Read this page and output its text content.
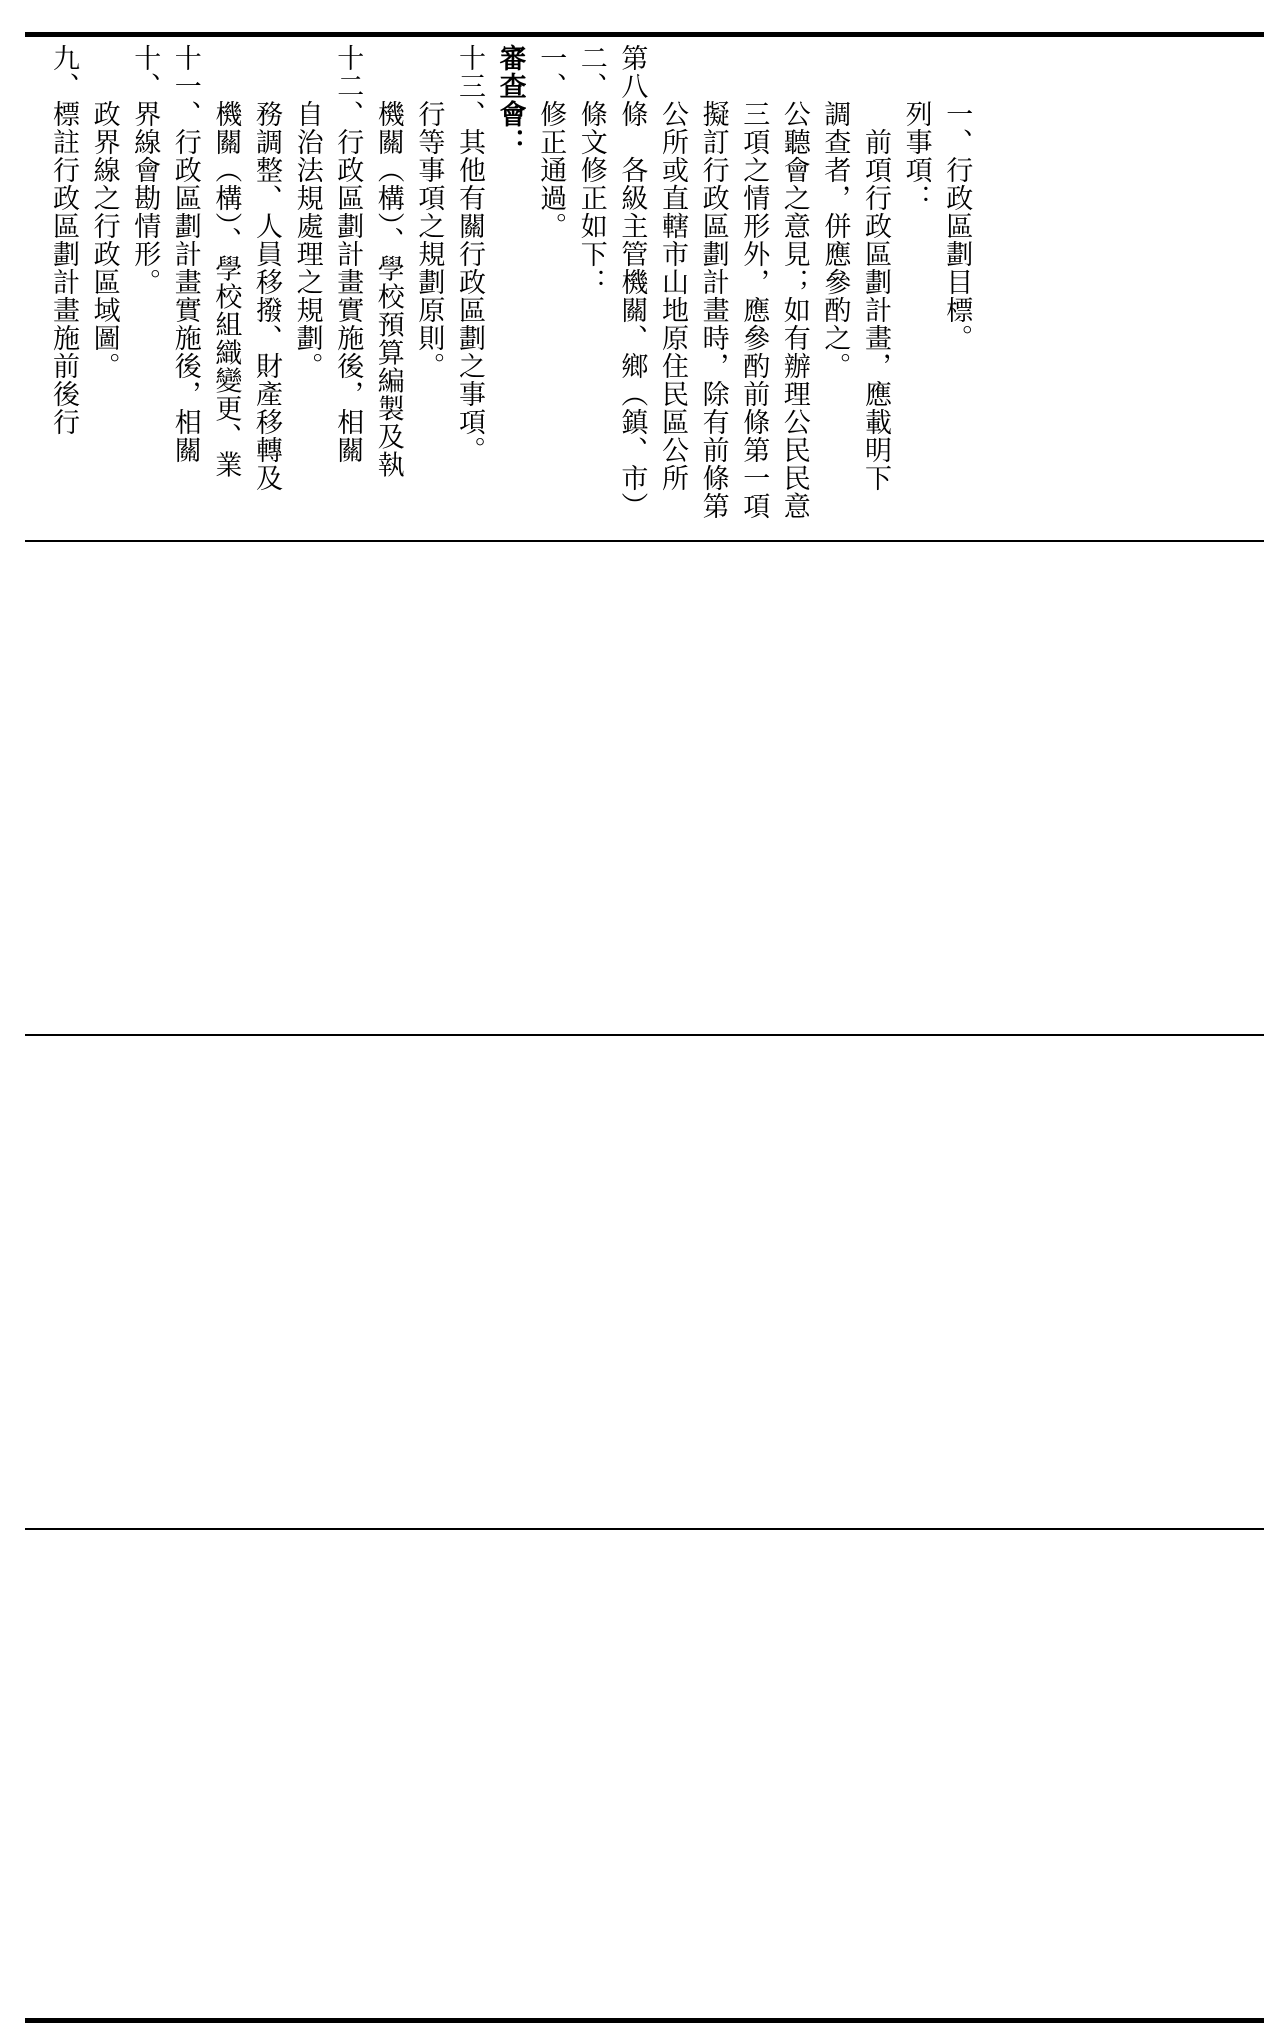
九、標註行政區劃計畫施前後行 政界線之行政區域圖。 十、界線會勘情形。 十一、行政區劃計畫實施後，相關 機關（構）、學校組織變更、業 務調整、人員移撥、財產移轉及 自治法規處理之規劃。 十二、行政區劃計畫實施後，相關 機關（構）、學校預算編製及執 行等事項之規劃原則。 十三、其他有關行政區劃之事項。 審查會： 一、修正通過。 二、條文修正如下： 第八條　各級主管機關、鄉（鎮、市） 公所或直轄市山地原住民區公所 擬訂行政區劃計畫時，除有前條第 三項之情形外，應參酌前條第一項 公聽會之意見；如有辦理公民民意 調查者，併應參酌之。 前項行政區劃計畫，應載明下 列事項： 一、行政區劃目標。
